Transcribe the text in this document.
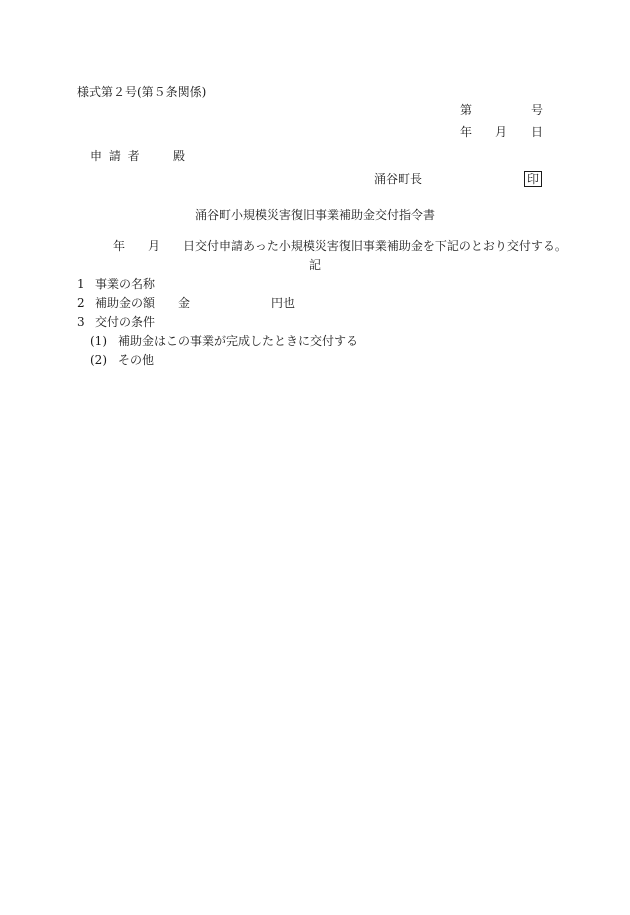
様式第２号(第５条関係)
第	号
年 月 日
申 請 者	殿
涌谷町長	印
涌谷町小規模災害復旧事業補助金交付指令書
年 月 日交付申請あった小規模災害復旧事業補助金を下記のとおり交付する。
記
1 事業の名称
2 補助金の額 金	円也
3 交付の条件
(1) 補助金はこの事業が完成したときに交付する
(2) その他
